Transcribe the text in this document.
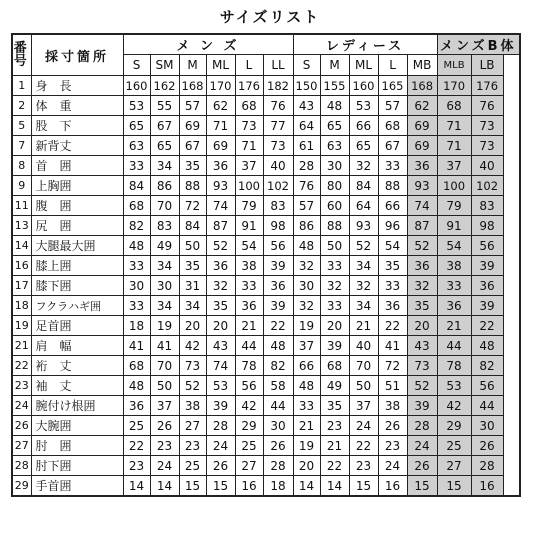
サイズリスト
番
号	採寸箇所	メ ン ズ						レディース					メンズB体	
		S	SM	M	ML	L	LL	S	M	ML	L	MB	MLB	LB
1	身　長	160	162	168	170	176	182	150	155	160	165	168	170	176
2	体　重	53	55	57	62	68	76	43	48	53	57	62	68	76
5	股　下	65	67	69	71	73	77	64	65	66	68	69	71	73
7	新背丈	63	65	67	69	71	73	61	63	65	67	69	71	73
8	首　囲	33	34	35	36	37	40	28	30	32	33	36	37	40
9	上胸囲	84	86	88	93	100	102	76	80	84	88	93	100	102
11	腹　囲	68	70	72	74	79	83	57	60	64	66	74	79	83
13	尻　囲	82	83	84	87	91	98	86	88	93	96	87	91	98
14	大腿最大囲	48	49	50	52	54	56	48	50	52	54	52	54	56
16	膝上囲	33	34	35	36	38	39	32	33	34	35	36	38	39
17	膝下囲	30	30	31	32	33	36	30	32	32	33	32	33	36
18	フクラハギ囲	33	34	34	35	36	39	32	33	34	36	35	36	39
19	足首囲	18	19	20	20	21	22	19	20	21	22	20	21	22
21	肩　幅	41	41	42	43	44	48	37	39	40	41	43	44	48
22	裄　丈	68	70	73	74	78	82	66	68	70	72	73	78	82
23	袖　丈	48	50	52	53	56	58	48	49	50	51	52	53	56
24	腕付け根囲	36	37	38	39	42	44	33	35	37	38	39	42	44
26	大腕囲	25	26	27	28	29	30	21	23	24	26	28	29	30
27	肘　囲	22	23	23	24	25	26	19	21	22	23	24	25	26
28	肘下囲	23	24	25	26	27	28	20	22	23	24	26	27	28
29	手首囲	14	14	15	15	16	18	14	14	15	16	15	15	16
